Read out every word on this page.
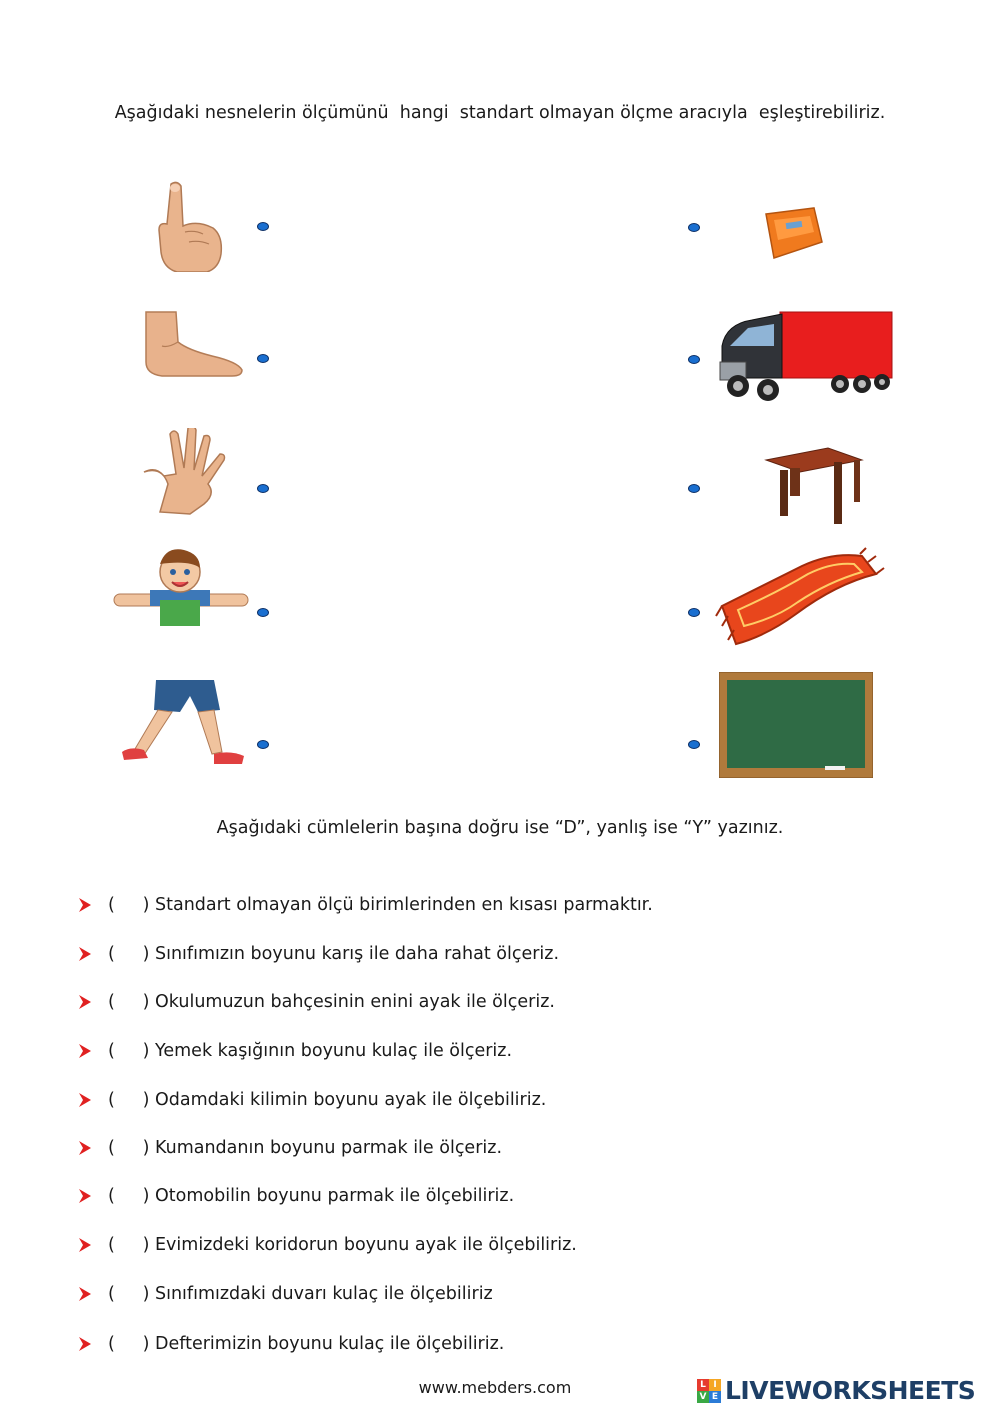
Aşağıdaki nesnelerin ölçümünü  hangi  standart olmayan ölçme aracıyla  eşleştirebiliriz.
Aşağıdaki cümlelerin başına doğru ise “D”, yanlış ise “Y” yazınız.
(     ) Standart olmayan ölçü birimlerinden en kısası parmaktır.
(     ) Sınıfımızın boyunu karış ile daha rahat ölçeriz.
(     ) Okulumuzun bahçesinin enini ayak ile ölçeriz.
(     ) Yemek kaşığının boyunu kulaç ile ölçeriz.
(     ) Odamdaki kilimin boyunu ayak ile ölçebiliriz.
(     ) Kumandanın boyunu parmak ile ölçeriz.
(     ) Otomobilin boyunu parmak ile ölçebiliriz.
(     ) Evimizdeki koridorun boyunu ayak ile ölçebiliriz.
(     ) Sınıfımızdaki duvarı kulaç ile ölçebiliriz
(     ) Defterimizin boyunu kulaç ile ölçebiliriz.
www.mebders.com	L I
V E LIVEWORKSHEETS
